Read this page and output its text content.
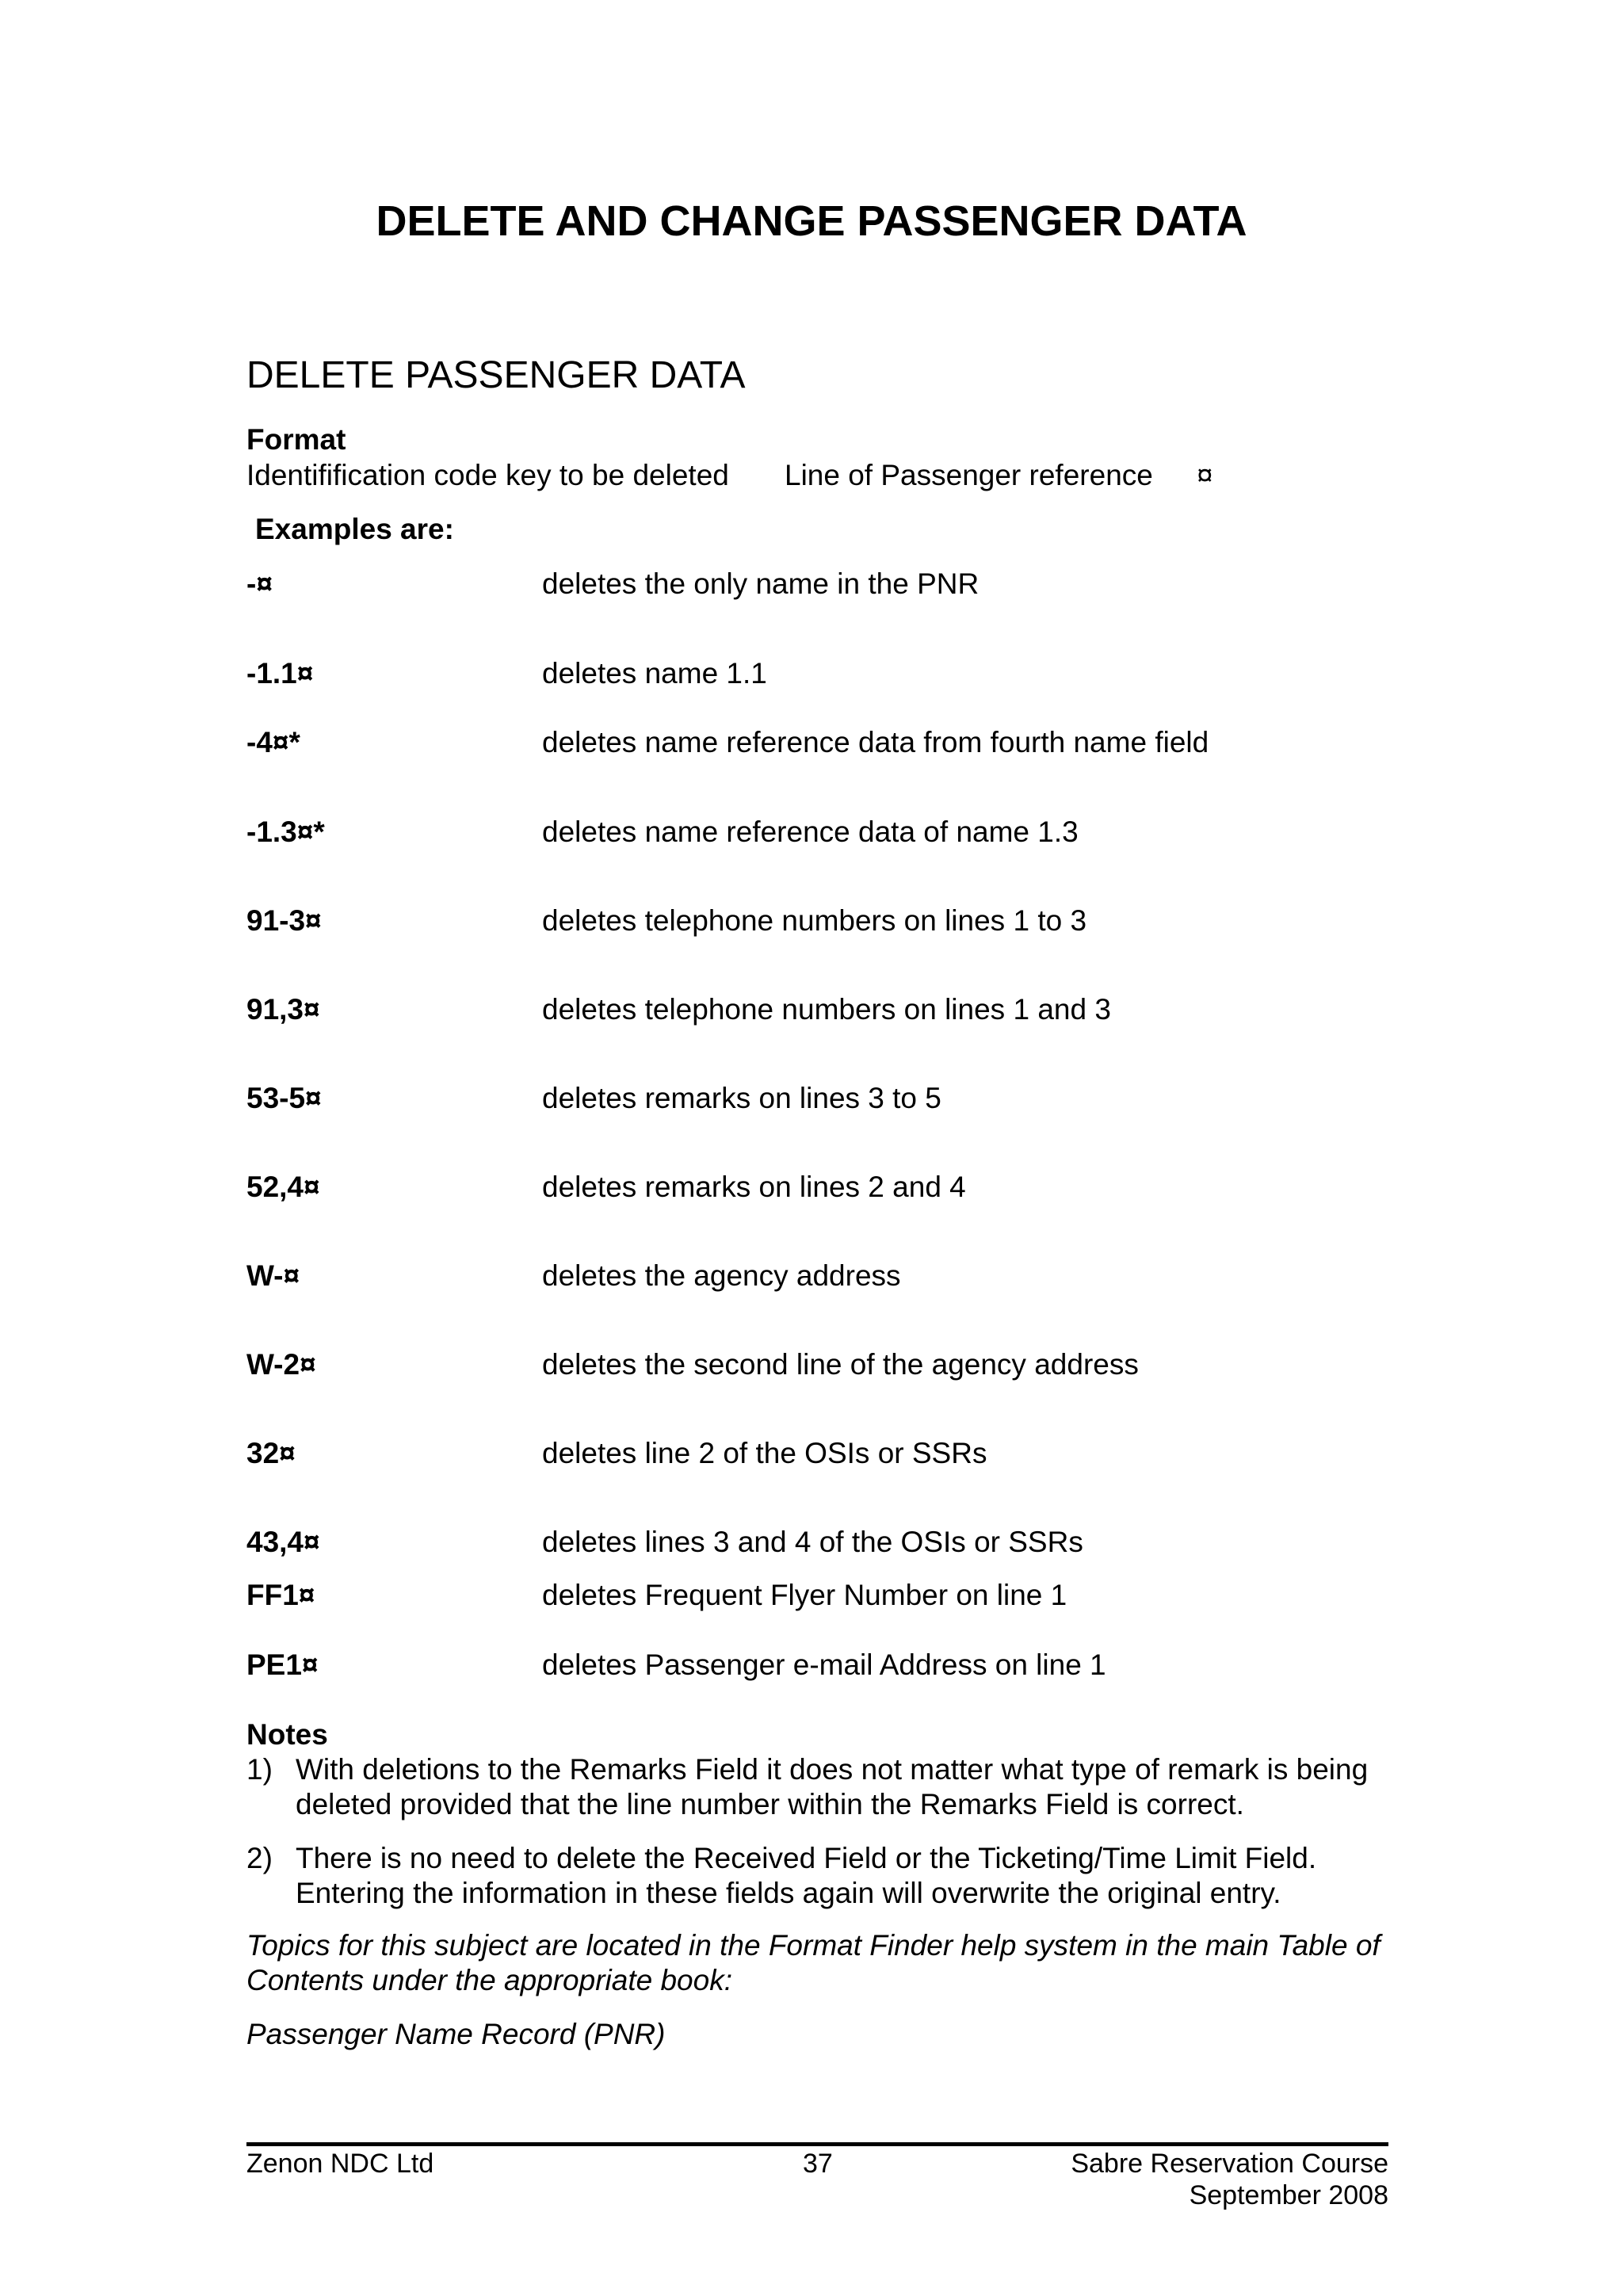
DELETE AND CHANGE PASSENGER DATA
DELETE PASSENGER DATA
Format
Identifification code key to be deleted Line of Passenger reference ¤
Examples are:
-¤	deletes the only name in the PNR
-1.1¤	deletes name 1.1
-4¤*	deletes name reference data from fourth name field
-1.3¤*	deletes name reference data of name 1.3
91-3¤	deletes telephone numbers on lines 1 to 3
91,3¤	deletes telephone numbers on lines 1 and 3
53-5¤	deletes remarks on lines 3 to 5
52,4¤	deletes remarks on lines 2 and 4
W-¤	deletes the agency address
W-2¤	deletes the second line of the agency address
32¤	deletes line 2 of the OSIs or SSRs
43,4¤	deletes lines 3 and 4 of the OSIs or SSRs
FF1¤	deletes Frequent Flyer Number on line 1
PE1¤	deletes Passenger e-mail Address on line 1
Notes
1) With deletions to the Remarks Field it does not matter what type of remark is being deleted provided that the line number within the Remarks Field is correct.
2) There is no need to delete the Received Field or the Ticketing/Time Limit Field. Entering the information in these fields again will overwrite the original entry.
Topics for this subject are located in the Format Finder help system in the main Table of Contents under the appropriate book:
Passenger Name Record (PNR)
Zenon NDC Ltd	37	Sabre Reservation Course
September 2008
